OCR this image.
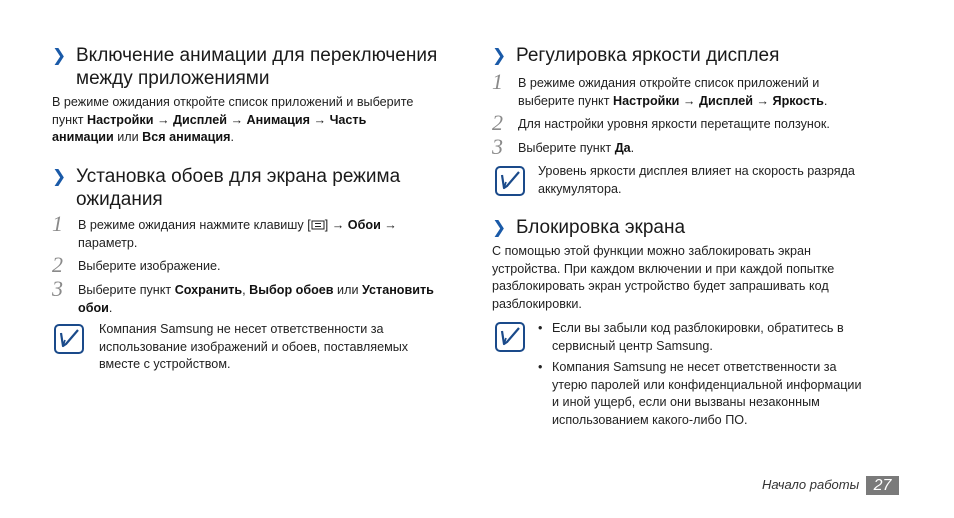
❯ Включение анимации для переключения
между приложениями
В режиме ожидания откройте список приложений и выберите
пункт Настройки → Дисплей → Анимация → Часть
анимации или Вся анимация.
❯ Установка обоев для экрана режима
ожидания
1	В режиме ожидания нажмите клавишу [ ] → Обои →
параметр.
2	Выберите изображение.
3	Выберите пункт Сохранить, Выбор обоев или Установить
обои.
Компания Samsung не несет ответственности за
использование изображений и обоев, поставляемых
вместе с устройством.
❯ Регулировка яркости дисплея
1	В режиме ожидания откройте список приложений и
выберите пункт Настройки → Дисплей → Яркость.
2	Для настройки уровня яркости перетащите ползунок.
3	Выберите пункт Да.
Уровень яркости дисплея влияет на скорость разряда
аккумулятора.
❯ Блокировка экрана
С помощью этой функции можно заблокировать экран
устройства. При каждом включении и при каждой попытке
разблокировать экран устройство будет запрашивать код
разблокировки.
• Если вы забыли код разблокировки, обратитесь в
сервисный центр Samsung.
• Компания Samsung не несет ответственности за
утерю паролей или конфиденциальной информации
и иной ущерб, если они вызваны незаконным
использованием какого-либо ПО.
Начало работы 27
